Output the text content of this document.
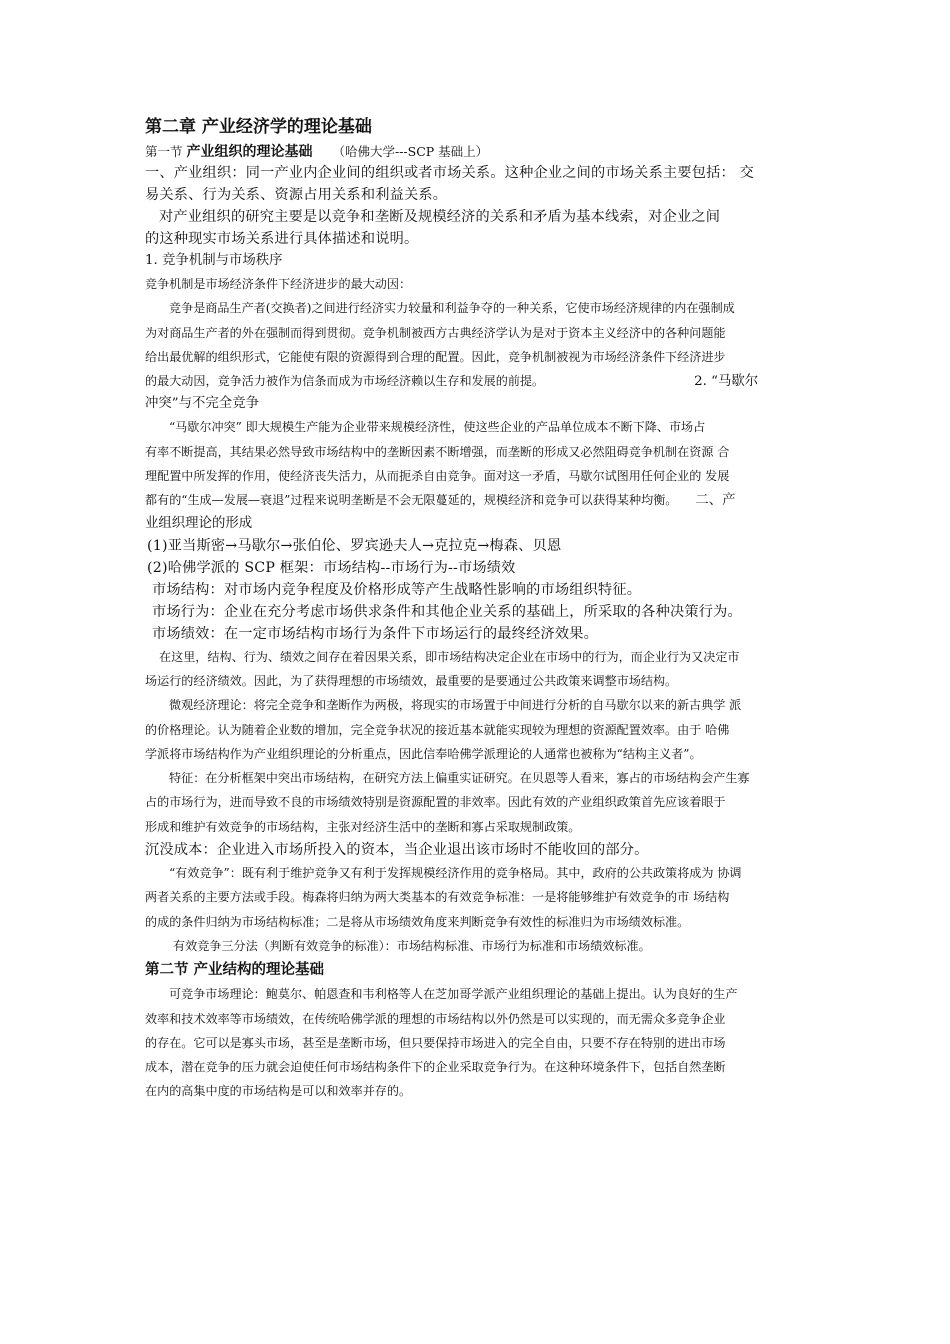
第二章 产业经济学的理论基础

第一节 产业组织的理论基础 （哈佛大学---SCP 基础上）

一、产业组织：同一产业内企业间的组织或者市场关系。这种企业之间的市场关系主要包括： 交

易关系、行为关系、资源占用关系和利益关系。

对产业组织的研究主要是以竞争和垄断及规模经济的关系和矛盾为基本线索，对企业之间

的这种现实市场关系进行具体描述和说明。

1. 竞争机制与市场秩序

竞争机制是市场经济条件下经济进步的最大动因：

竞争是商品生产者(交换者)之间进行经济实力较量和利益争夺的一种关系，它使市场经济规律的内在强制成

为对商品生产者的外在强制而得到贯彻。竞争机制被西方古典经济学认为是对于资本主义经济中的各种问题能

给出最优解的组织形式，它能使有限的资源得到合理的配置。因此，竞争机制被视为市场经济条件下经济进步

的最大动因，竞争活力被作为信条而成为市场经济赖以生存和发展的前提。	2. “马歇尔

冲突”与不完全竞争

“马歇尔冲突” 即大规模生产能为企业带来规模经济性，使这些企业的产品单位成本不断下降、市场占

有率不断提高，其结果必然导致市场结构中的垄断因素不断增强，而垄断的形成又必然阻碍竞争机制在资源 合

理配置中所发挥的作用，使经济丧失活力，从而扼杀自由竞争。面对这一矛盾，马歇尔试图用任何企业的 发展

都有的“生成—发展—衰退”过程来说明垄断是不会无限蔓延的，规模经济和竞争可以获得某种均衡。 二、产

业组织理论的形成

(1)亚当斯密→马歇尔→张伯伦、罗宾逊夫人→克拉克→梅森、贝恩

(2)哈佛学派的 SCP 框架：市场结构--市场行为--市场绩效

市场结构：对市场内竞争程度及价格形成等产生战略性影响的市场组织特征。

市场行为：企业在充分考虑市场供求条件和其他企业关系的基础上，所采取的各种决策行为。

市场绩效：在一定市场结构市场行为条件下市场运行的最终经济效果。

在这里，结构、行为、绩效之间存在着因果关系，即市场结构决定企业在市场中的行为，而企业行为又决定市

场运行的经济绩效。因此，为了获得理想的市场绩效，最重要的是要通过公共政策来调整市场结构。

微观经济理论：将完全竞争和垄断作为两极，将现实的市场置于中间进行分析的自马歇尔以来的新古典学 派

的价格理论。认为随着企业数的增加，完全竞争状况的接近基本就能实现较为理想的资源配置效率。由于 哈佛

学派将市场结构作为产业组织理论的分析重点，因此信奉哈佛学派理论的人通常也被称为“结构主义者”。

特征：在分析框架中突出市场结构，在研究方法上偏重实证研究。在贝恩等人看来，寡占的市场结构会产生寡

占的市场行为，进而导致不良的市场绩效特别是资源配置的非效率。因此有效的产业组织政策首先应该着眼于

形成和维护有效竞争的市场结构，主张对经济生活中的垄断和寡占采取规制政策。

沉没成本：企业进入市场所投入的资本，当企业退出该市场时不能收回的部分。

“有效竞争”：既有利于维护竞争又有利于发挥规模经济作用的竞争格局。其中，政府的公共政策将成为 协调

两者关系的主要方法或手段。梅森将归纳为两大类基本的有效竞争标准：一是将能够维护有效竞争的市 场结构

的成的条件归纳为市场结构标准；二是将从市场绩效角度来判断竞争有效性的标准归为市场绩效标准。

有效竞争三分法（判断有效竞争的标准）：市场结构标准、市场行为标准和市场绩效标准。

第二节 产业结构的理论基础

可竞争市场理论：鲍莫尔、帕恩查和韦利格等人在芝加哥学派产业组织理论的基础上提出。认为良好的生产

效率和技术效率等市场绩效，在传统哈佛学派的理想的市场结构以外仍然是可以实现的，而无需众多竞争企业

的存在。它可以是寡头市场，甚至是垄断市场，但只要保持市场进入的完全自由，只要不存在特别的进出市场

成本，潜在竞争的压力就会迫使任何市场结构条件下的企业采取竞争行为。在这种环境条件下，包括自然垄断

在内的高集中度的市场结构是可以和效率并存的。
